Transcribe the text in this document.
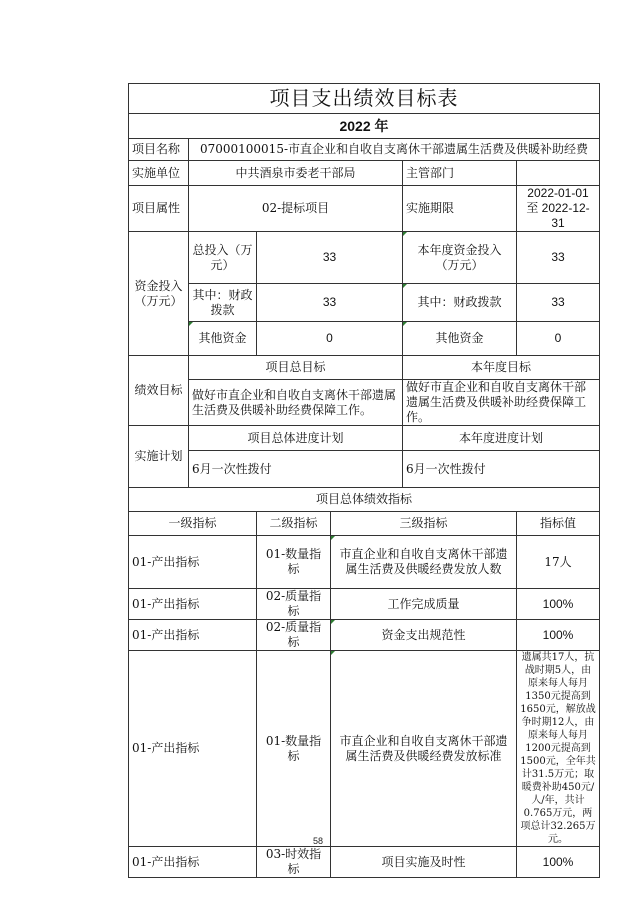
项目支出绩效目标表					
2022 年					
项目名称	07000100015-市直企业和自收自支离休干部遗属生活费及供暖补助经费				
实施单位	中共酒泉市委老干部局			主管部门	
项目属性	02-提标项目			实施期限	2022-01-01 至 2022-12-31
资金投入（万元）	总投入（万元）	33		本年度资金投入（万元）	33
	其中：财政拨款	33		其中：财政拨款	33
	其他资金	0		其他资金	0
绩效目标	项目总目标			本年度目标	
	做好市直企业和自收自支离休干部遗属生活费及供暖补助经费保障工作。			做好市直企业和自收自支离休干部遗属生活费及供暖补助经费保障工作。	
实施计划	项目总体进度计划			本年度进度计划	
	6月一次性拨付			6月一次性拨付	
项目总体绩效指标					
一级指标		二级指标	三级指标		指标值
01-产出指标		01-数量指标	市直企业和自收自支离休干部遗属生活费及供暖经费发放人数		17人
01-产出指标		02-质量指标	工作完成质量		100%
01-产出指标		02-质量指标	资金支出规范性		100%
01-产出指标		01-数量指标	市直企业和自收自支离休干部遗属生活费及供暖经费发放标准		遗属共17人，抗战时期5人，由原来每人每月1350元提高到1650元，解放战争时期12人，由原来每人每月1200元提高到1500元，全年共计31.5万元；取暖费补助450元/人/年，共计0.765万元，两项总计32.265万元。
01-产出指标		03-时效指标	项目实施及时性		100%
58
